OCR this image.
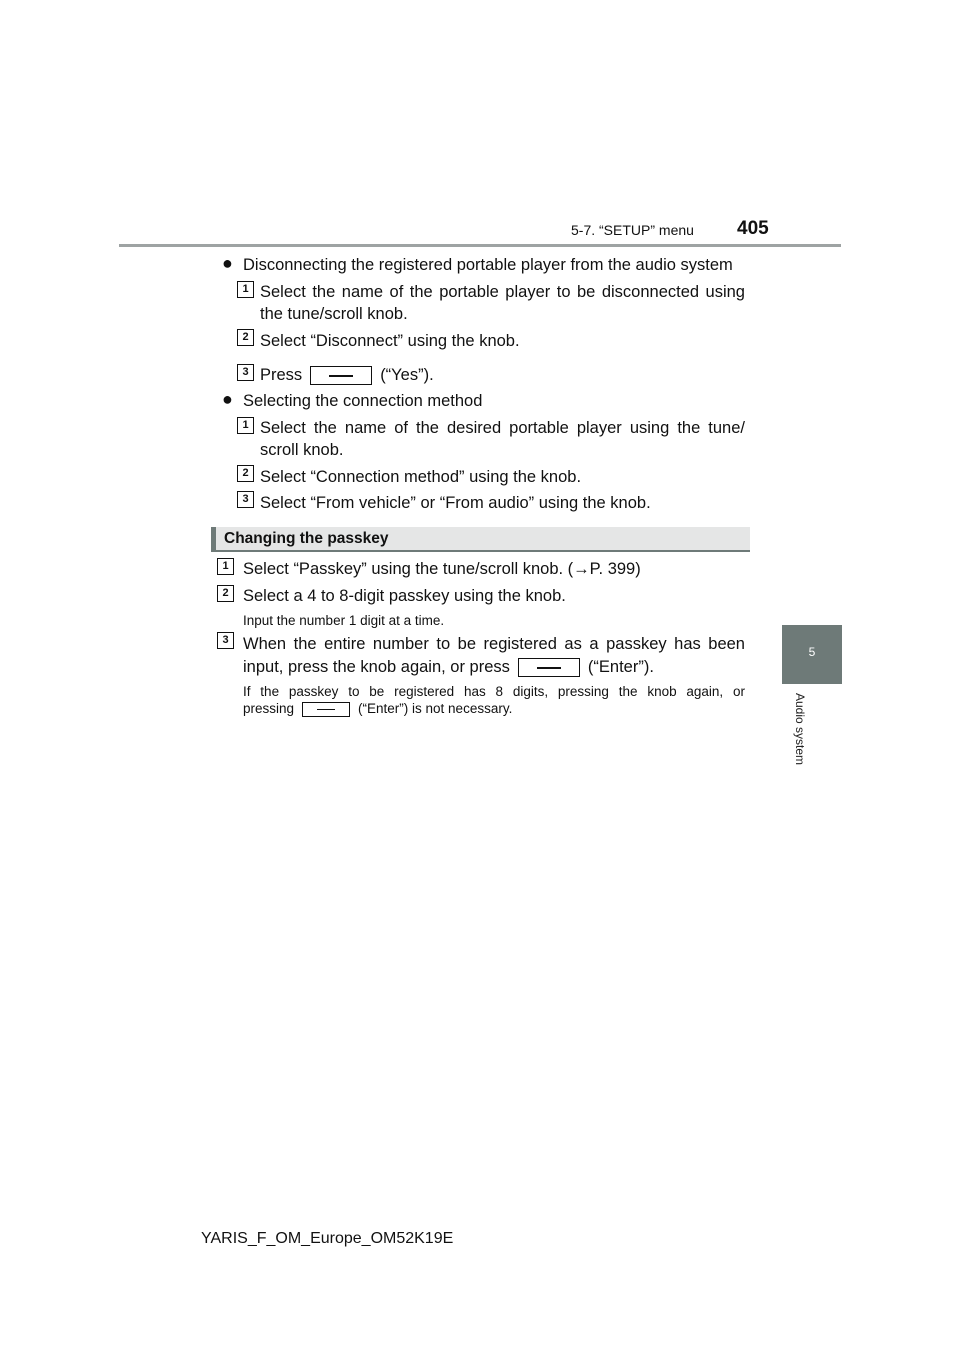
5-7. “SETUP” menu 405
5
Audio system
● Disconnecting the registered portable player from the audio system
1 Select the name of the portable player to be disconnected using
the tune/scroll knob.
2 Select “Disconnect” using the knob.
3 Press	(“Yes”).
● Selecting the connection method
1 Select the name of the desired portable player using the tune/
scroll knob.
2 Select “Connection method” using the knob.
3 Select “From vehicle” or “From audio” using the knob.
Changing the passkey
1 Select “Passkey” using the tune/scroll knob. (→P. 399)
2 Select a 4 to 8-digit passkey using the knob.
Input the number 1 digit at a time.
3 When the entire number to be registered as a passkey has been
input, press the knob again, or press	(“Enter”).
If the passkey to be registered has 8 digits, pressing the knob again, or
pressing	(“Enter”) is not necessary.
YARIS_F_OM_Europe_OM52K19E
